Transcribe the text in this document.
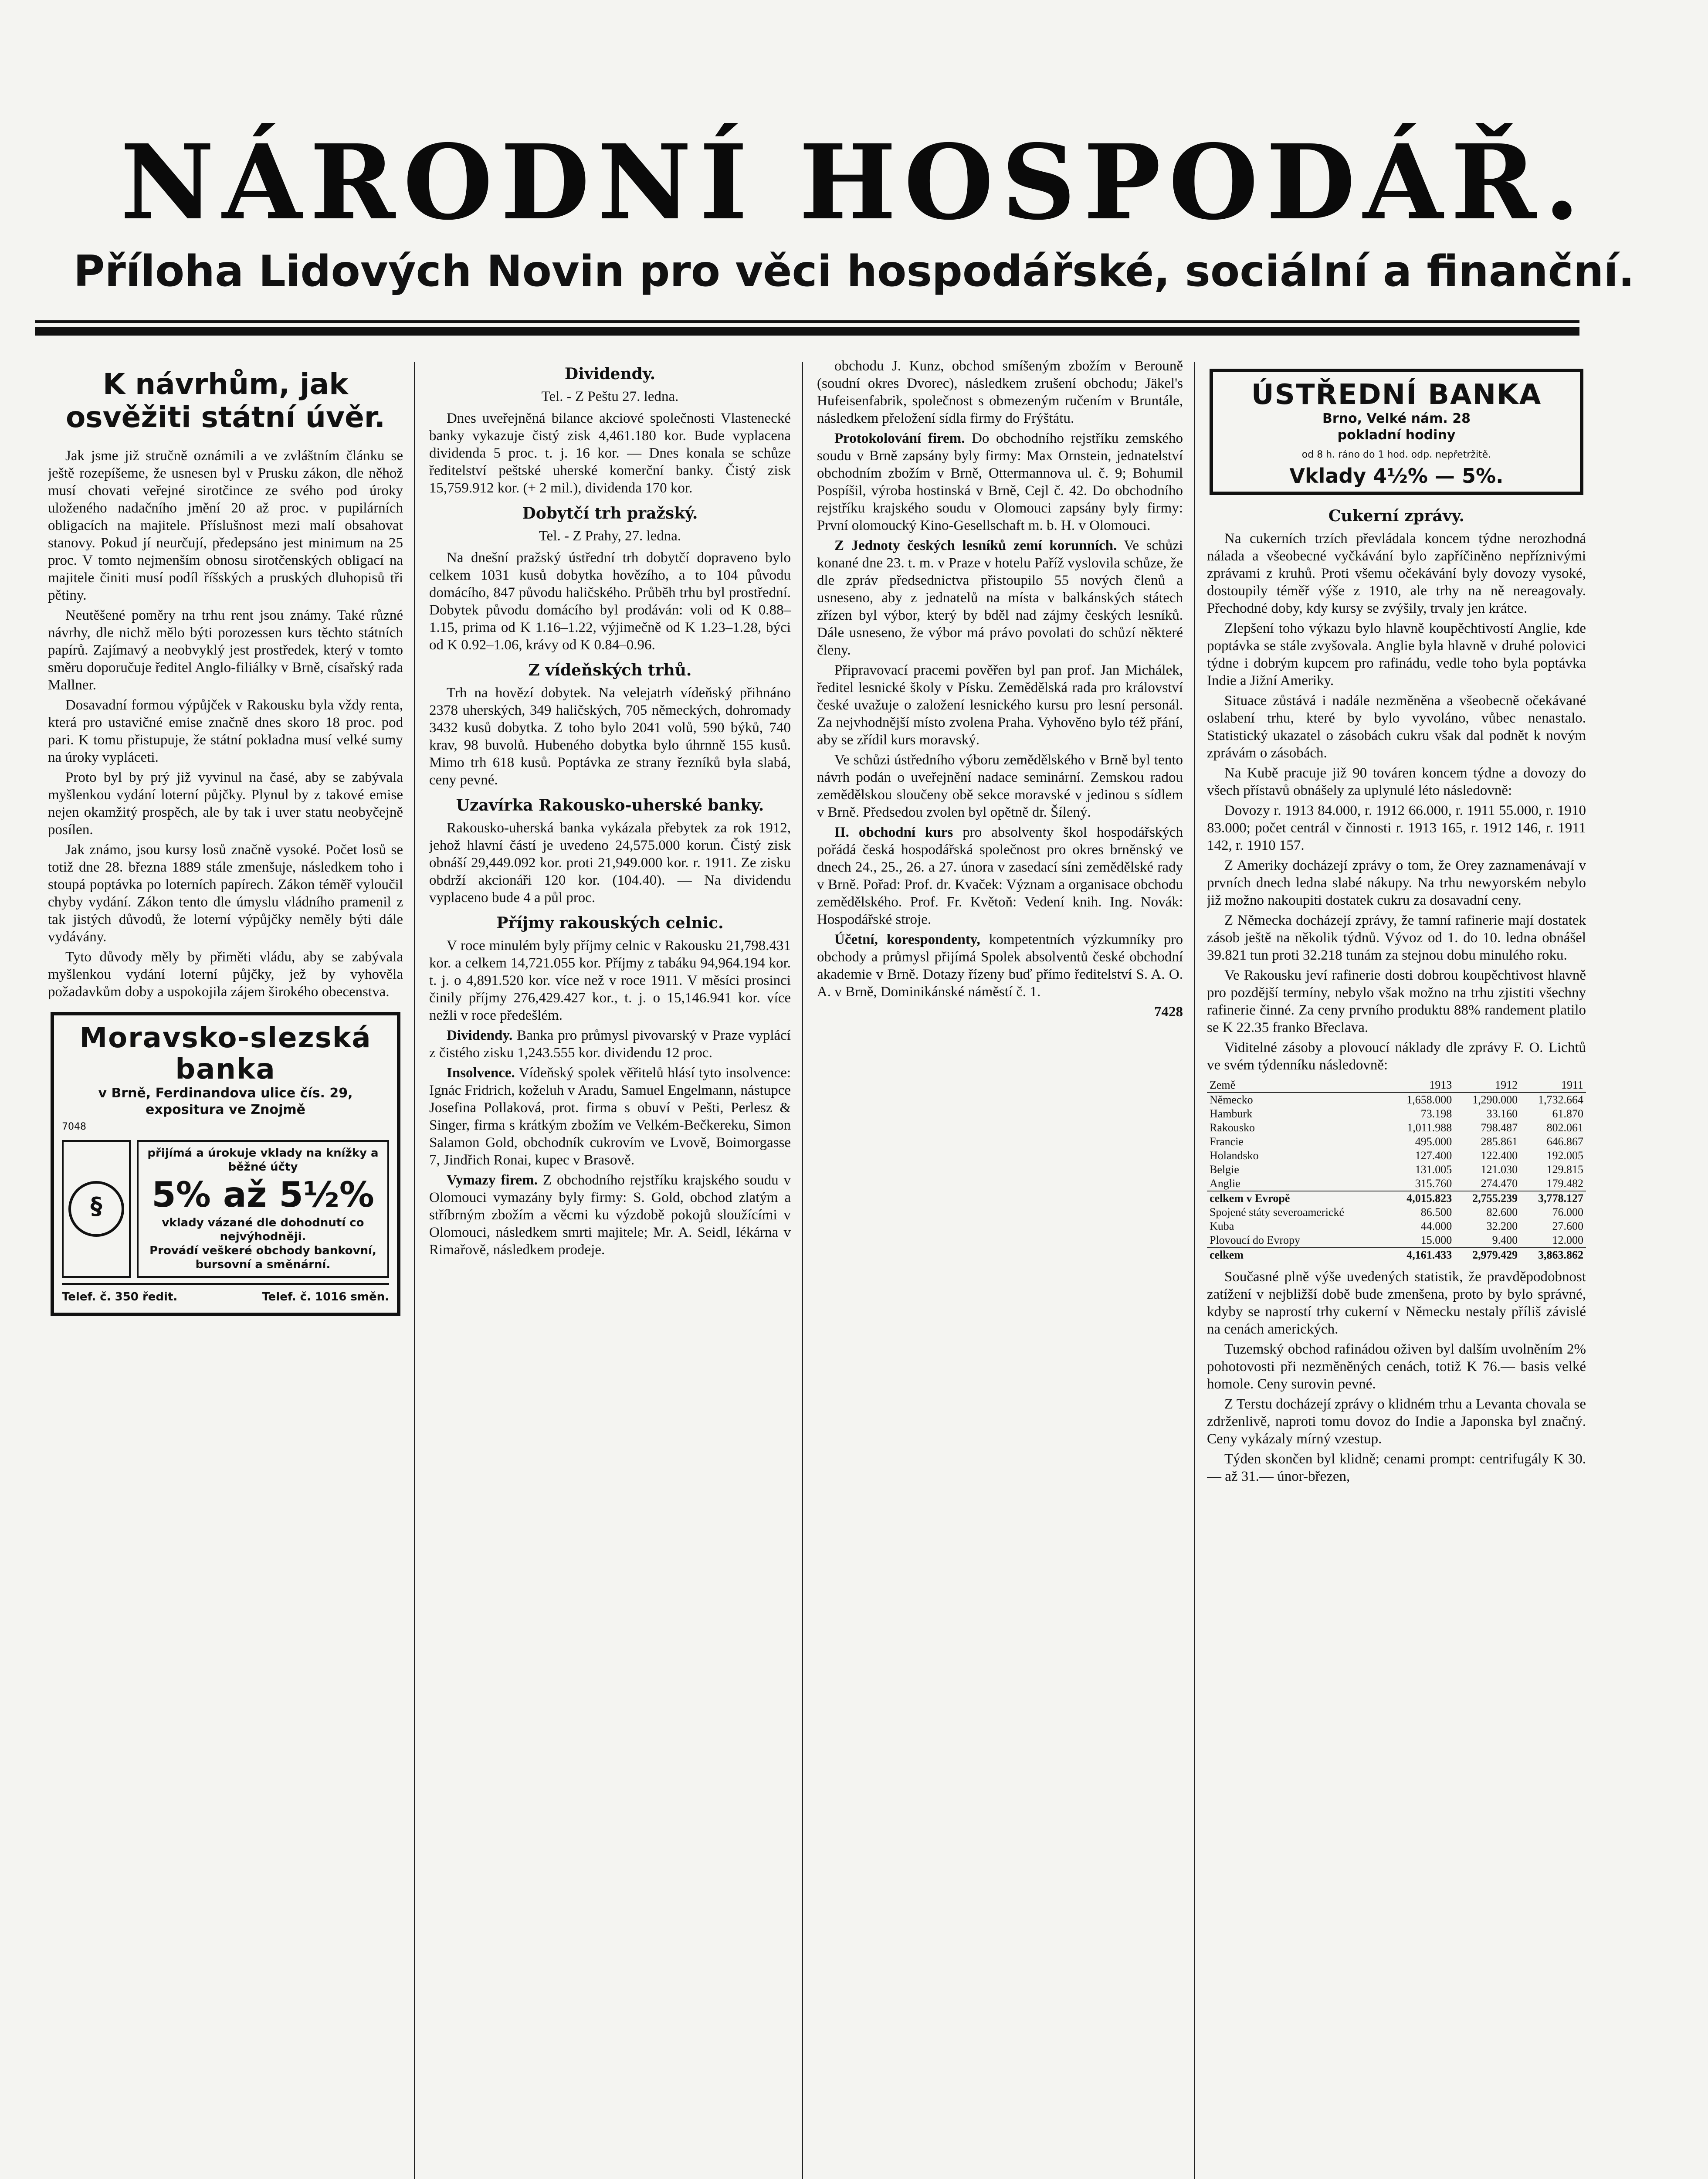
NÁRODNÍ HOSPODÁŘ.
Příloha Lidových Novin pro věci hospodářské, sociální a finanční.
K návrhům, jak osvěžiti státní úvěr.

Jak jsme již stručně oznámili a ve zvláštním článku se ještě rozepíšeme, že usnesen byl v Prusku zákon, dle něhož musí chovati veřejné sirotčince ze svého pod úroky uloženého nadačního jmění 20 až proc. v pupilárních obligacích na majitele. Příslušnost mezi malí obsahovat stanovy. Pokud jí neurčují, předepsáno jest minimum na 25 proc. V tomto nejmenším obnosu sirotčenských obligací na majitele činiti musí podíl říšských a pruských dluhopisů tři pětiny.

Neutěšené poměry na trhu rent jsou známy. Také různé návrhy, dle nichž mělo býti porozessen kurs těchto státních papírů. Zajímavý a neobvyklý jest prostředek, který v tomto směru doporučuje ředitel Anglo-filiálky v Brně, císařský rada Mallner.

Dosavadní formou výpůjček v Rakousku byla vždy renta, která pro ustavičné emise značně dnes skoro 18 proc. pod pari. K tomu přistupuje, že státní pokladna musí velké sumy na úroky vypláceti.

Proto byl by prý již vyvinul na časé, aby se zabývala myšlenkou vydání loterní půjčky. Plynul by z takové emise nejen okamžitý prospěch, ale by tak i uver statu neobyčejně posílen.

Jak známo, jsou kursy losů značně vysoké. Počet losů se totiž dne 28. března 1889 stále zmenšuje, následkem toho i stoupá poptávka po loterních papírech. Zákon téměř vyloučil chyby vydání. Zákon tento dle úmyslu vládního pramenil z tak jistých důvodů, že loterní výpůjčky neměly býti dále vydávány.

Tyto důvody měly by přiměti vládu, aby se zabývala myšlenkou vydání loterní půjčky, jež by vyhověla požadavkům doby a uspokojila zájem širokého obecenstva.

Moravsko-slezská banka
v Brně, Ferdinandova ulice čís. 29,
expositura ve Znojmě
7048
§
přijímá a úrokuje vklady na knížky a běžné účty
5% až 5½%
vklady vázané dle dohodnutí co nejvýhodněji.
Provádí veškeré obchody bankovní, bursovní a směnární.
Telef. č. 350 ředit.	Telef. č. 1016 směn.
Dividendy.
Tel. - Z Peštu 27. ledna.

Dnes uveřejněná bilance akciové společnosti Vlastenecké banky vykazuje čistý zisk 4,461.180 kor. Bude vyplacena dividenda 5 proc. t. j. 16 kor. — Dnes konala se schůze ředitelství peštské uherské komerční banky. Čistý zisk 15,759.912 kor. (+ 2 mil.), dividenda 170 kor.

Dobytčí trh pražský.
Tel. - Z Prahy, 27. ledna.

Na dnešní pražský ústřední trh dobytčí dopraveno bylo celkem 1031 kusů dobytka hovězího, a to 104 původu domácího, 847 původu haličského. Průběh trhu byl prostřední. Dobytek původu domácího byl prodáván: voli od K 0.88–1.15, prima od K 1.16–1.22, výjimečně od K 1.23–1.28, býci od K 0.92–1.06, krávy od K 0.84–0.96.

Z vídeňských trhů.

Trh na hovězí dobytek. Na velejatrh vídeňský přihnáno 2378 uherských, 349 haličských, 705 německých, dohromady 3432 kusů dobytka. Z toho bylo 2041 volů, 590 býků, 740 krav, 98 buvolů. Hubeného dobytka bylo úhrnně 155 kusů. Mimo trh 618 kusů. Poptávka ze strany řezníků byla slabá, ceny pevné.

Uzavírka Rakousko-uherské banky.

Rakousko-uherská banka vykázala přebytek za rok 1912, jehož hlavní částí je uvedeno 24,575.000 korun. Čistý zisk obnáší 29,449.092 kor. proti 21,949.000 kor. r. 1911. Ze zisku obdrží akcionáři 120 kor. (104.40). — Na dividendu vyplaceno bude 4 a půl proc.

Příjmy rakouských celnic.

V roce minulém byly příjmy celnic v Rakousku 21,798.431 kor. a celkem 14,721.055 kor. Příjmy z tabáku 94,964.194 kor. t. j. o 4,891.520 kor. více než v roce 1911. V měsíci prosinci činily příjmy 276,429.427 kor., t. j. o 15,146.941 kor. více nežli v roce předešlém.

Dividendy. Banka pro průmysl pivovarský v Praze vyplácí z čistého zisku 1,243.555 kor. dividendu 12 proc.

Insolvence. Vídeňský spolek věřitelů hlásí tyto insolvence: Ignác Fridrich, koželuh v Aradu, Samuel Engelmann, nástupce Josefina Pollaková, prot. firma s obuví v Pešti, Perlesz & Singer, firma s krátkým zbožím ve Velkém-Bečkereku, Simon Salamon Gold, obchodník cukrovím ve Lvově, Boimorgasse 7, Jindřich Ronai, kupec v Brasově.

Vymazy firem. Z obchodního rejstříku krajského soudu v Olomouci vymazány byly firmy: S. Gold, obchod zlatým a stříbrným zbožím a věcmi ku výzdobě pokojů sloužícími v Olomouci, následkem smrti majitele; Mr. A. Seidl, lékárna v Rimařově, následkem prodeje.

obchodu J. Kunz, obchod smíšeným zbožím v Berouně (soudní okres Dvorec), následkem zrušení obchodu; Jäkel's Hufeisenfabrik, společnost s obmezeným ručením v Bruntále, následkem přeložení sídla firmy do Frýštátu.

Protokolování firem. Do obchodního rejstříku zemského soudu v Brně zapsány byly firmy: Max Ornstein, jednatelství obchodním zbožím v Brně, Ottermannova ul. č. 9; Bohumil Pospíšil, výroba hostinská v Brně, Cejl č. 42. Do obchodního rejstříku krajského soudu v Olomouci zapsány byly firmy: První olomoucký Kino-Gesellschaft m. b. H. v Olomouci.

Z Jednoty českých lesníků zemí korunních. Ve schůzi konané dne 23. t. m. v Praze v hotelu Paříž vyslovila schůze, že dle zpráv předsednictva přistoupilo 55 nových členů a usneseno, aby z jednatelů na místa v balkánských státech zřízen byl výbor, který by bděl nad zájmy českých lesníků. Dále usneseno, že výbor má právo povolati do schůzí některé členy.

Připravovací pracemi pověřen byl pan prof. Jan Michálek, ředitel lesnické školy v Písku. Zemědělská rada pro království české uvažuje o založení lesnického kursu pro lesní personál. Za nejvhodnější místo zvolena Praha. Vyhověno bylo též přání, aby se zřídil kurs moravský.

Ve schůzi ústředního výboru zemědělského v Brně byl tento návrh podán o uveřejnění nadace seminární. Zemskou radou zemědělskou sloučeny obě sekce moravské v jedinou s sídlem v Brně. Předsedou zvolen byl opětně dr. Šílený.

II. obchodní kurs pro absolventy škol hospodářských pořádá česká hospodářská společnost pro okres brněnský ve dnech 24., 25., 26. a 27. února v zasedací síni zemědělské rady v Brně. Pořad: Prof. dr. Kvaček: Význam a organisace obchodu zemědělského. Prof. Fr. Květoň: Vedení knih. Ing. Novák: Hospodářské stroje.

Účetní, korespondenty, kompetentních výzkumníky pro obchody a průmysl přijímá Spolek absolventů české obchodní akademie v Brně. Dotazy řízeny buď přímo ředitelství S. A. O. A. v Brně, Dominikánské náměstí č. 1.

7428
ÚSTŘEDNÍ BANKA
Brno, Velké nám. 28
pokladní hodiny
od 8 h. ráno do 1 hod. odp. nepřetržitě.
Vklady 4½% — 5%.
Cukerní zprávy.

Na cukerních trzích převládala koncem týdne nerozhodná nálada a všeobecné vyčkávání bylo zapříčiněno nepříznivými zprávami z kruhů. Proti všemu očekávání byly dovozy vysoké, dostoupily téměř výše z 1910, ale trhy na ně nereagovaly. Přechodné doby, kdy kursy se zvýšily, trvaly jen krátce.

Zlepšení toho výkazu bylo hlavně koupěchtivostí Anglie, kde poptávka se stále zvyšovala. Anglie byla hlavně v druhé polovici týdne i dobrým kupcem pro rafinádu, vedle toho byla poptávka Indie a Jižní Ameriky.

Situace zůstává i nadále nezměněna a všeobecně očekávané oslabení trhu, které by bylo vyvoláno, vůbec nenastalo. Statistický ukazatel o zásobách cukru však dal podnět k novým zprávám o zásobách.

Na Kubě pracuje již 90 továren koncem týdne a dovozy do všech přístavů obnášely za uplynulé léto následovně:

Dovozy r. 1913 84.000, r. 1912 66.000, r. 1911 55.000, r. 1910 83.000; počet centrál v činnosti r. 1913 165, r. 1912 146, r. 1911 142, r. 1910 157.

Z Ameriky docházejí zprávy o tom, že Orey zaznamenávají v prvních dnech ledna slabé nákupy. Na trhu newyorském nebylo již možno nakoupiti dostatek cukru za dosavadní ceny.

Z Německa docházejí zprávy, že tamní rafinerie mají dostatek zásob ještě na několik týdnů. Vývoz od 1. do 10. ledna obnášel 39.821 tun proti 32.218 tunám za stejnou dobu minulého roku.

Ve Rakousku jeví rafinerie dosti dobrou koupěchtivost hlavně pro pozdější termíny, nebylo však možno na trhu zjistiti všechny rafinerie činné. Za ceny prvního produktu 88% randement platilo se K 22.35 franko Břeclava.

Viditelné zásoby a plovoucí náklady dle zprávy F. O. Lichtů ve svém týdenníku následovně:

Země	1913	1912	1911
Německo	1,658.000	1,290.000	1,732.664
Hamburk	73.198	33.160	61.870
Rakousko	1,011.988	798.487	802.061
Francie	495.000	285.861	646.867
Holandsko	127.400	122.400	192.005
Belgie	131.005	121.030	129.815
Anglie	315.760	274.470	179.482
celkem v Evropě	4,015.823	2,755.239	3,778.127
Spojené státy severoamerické	86.500	82.600	76.000
Kuba	44.000	32.200	27.600
Plovoucí do Evropy	15.000	9.400	12.000
celkem	4,161.433	2,979.429	3,863.862

Současné plně výše uvedených statistik, že pravděpodobnost zatížení v nejbližší době bude zmenšena, proto by bylo správné, kdyby se naprostí trhy cukerní v Německu nestaly příliš závislé na cenách amerických.

Tuzemský obchod rafinádou oživen byl dalším uvolněním 2% pohotovosti při nezměněných cenách, totiž K 76.— basis velké homole. Ceny surovin pevné.

Z Terstu docházejí zprávy o klidném trhu a Levanta chovala se zdrženlivě, naproti tomu dovoz do Indie a Japonska byl značný. Ceny vykázaly mírný vzestup.

Týden skončen byl klidně; cenami prompt: centrifugály K 30.— až 31.— únor-březen,
